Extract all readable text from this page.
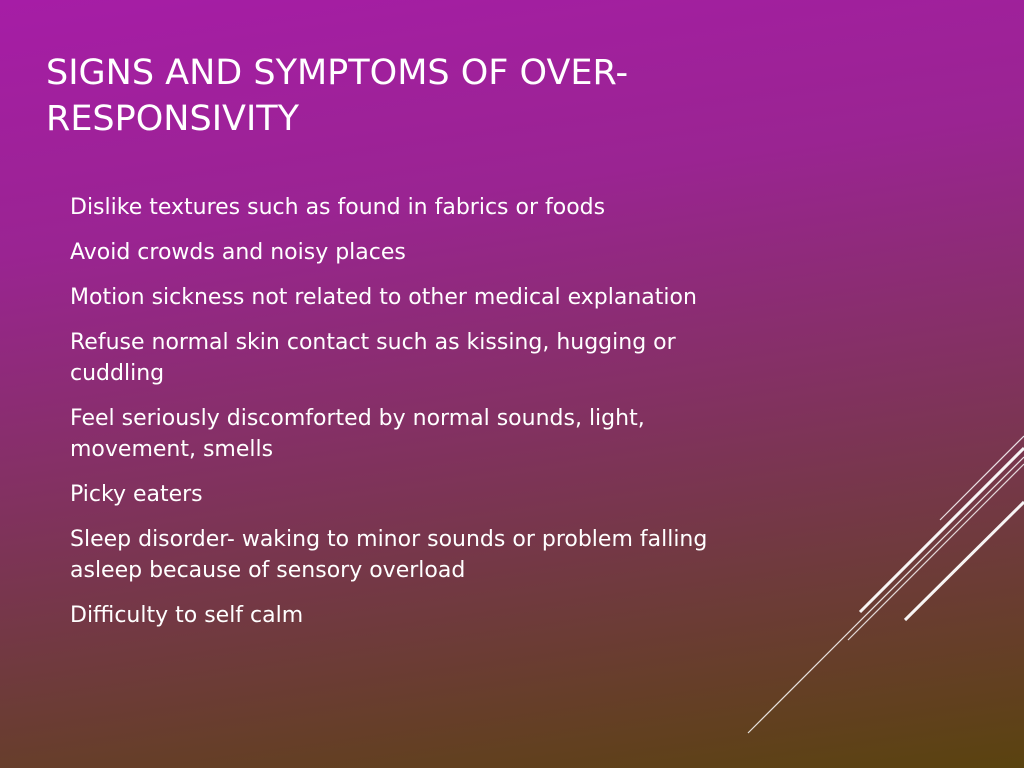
SIGNS AND SYMPTOMS OF OVER-RESPONSIVITY
Dislike textures such as found in fabrics or foods
Avoid crowds and noisy places
Motion sickness not related to other medical explanation
Refuse normal skin contact such as kissing, hugging or cuddling
Feel seriously discomforted by normal sounds, light, movement, smells
Picky eaters
Sleep disorder- waking to minor sounds or problem falling asleep because of sensory overload
Difficulty to self calm
